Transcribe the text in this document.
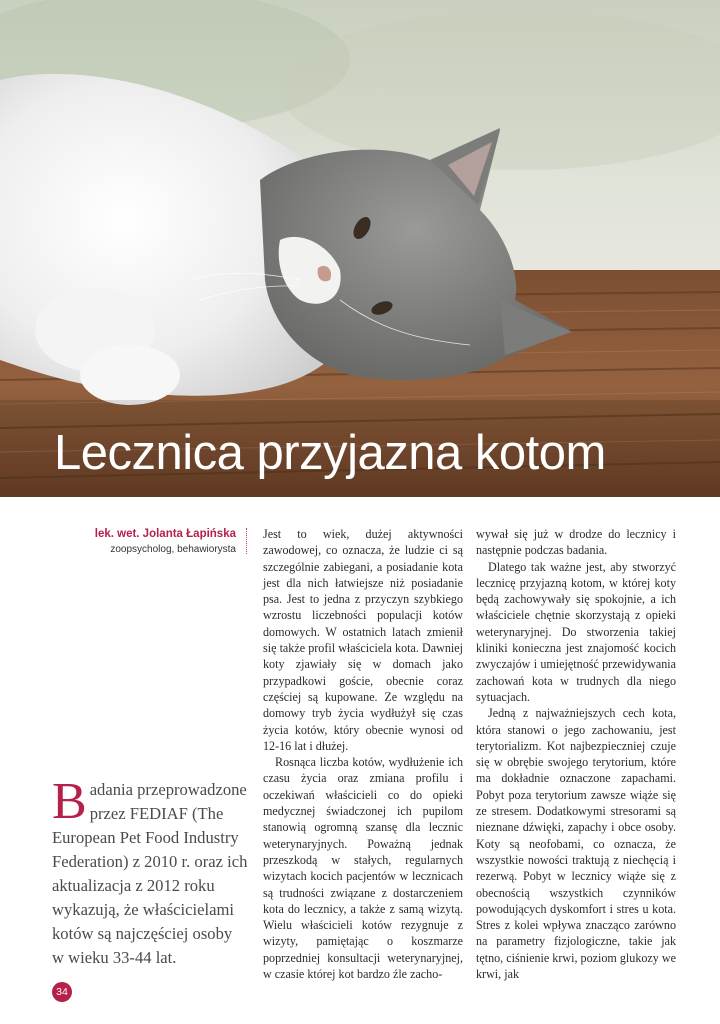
Lecznica przyjazna kotom
lek. wet. Jolanta Łapińska
zoopsycholog, behawiorysta

Badania przeprowadzone przez FEDIAF (The European Pet Food Industry Federation) z 2010 r. oraz ich aktualizacja z 2012 roku wykazują, że właścicielami kotów są najczęściej osoby w wieku 33-44 lat.

Jest to wiek, dużej aktywności zawodowej, co oznacza, że ludzie ci są szczególnie zabiegani, a posiadanie kota jest dla nich łatwiejsze niż posiadanie psa. Jest to jedna z przyczyn szybkiego wzrostu liczebności populacji kotów domowych. W ostatnich latach zmienił się także profil właściciela kota. Dawniej koty zjawiały się w domach jako przypadkowi goście, obecnie coraz częściej są kupowane. Ze względu na domowy tryb życia wydłużył się czas życia kotów, który obecnie wynosi od 12-16 lat i dłużej.

Rosnąca liczba kotów, wydłużenie ich czasu życia oraz zmiana profilu i oczekiwań właścicieli co do opieki medycznej świadczonej ich pupilom stanowią ogromną szansę dla lecznic weterynaryjnych. Poważną jednak przeszkodą w stałych, regularnych wizytach kocich pacjentów w lecznicach są trudności związane z dostarczeniem kota do lecznicy, a także z samą wizytą. Wielu właścicieli kotów rezygnuje z wizyty, pamiętając o koszmarze poprzedniej konsultacji weterynaryjnej, w czasie której kot bardzo źle zacho-

wywał się już w drodze do lecznicy i następnie podczas badania.

Dlatego tak ważne jest, aby stworzyć lecznicę przyjazną kotom, w której koty będą zachowywały się spokojnie, a ich właściciele chętnie skorzystają z opieki weterynaryjnej. Do stworzenia takiej kliniki konieczna jest znajomość kocich zwyczajów i umiejętność przewidywania zachowań kota w trudnych dla niego sytuacjach.

Jedną z najważniejszych cech kota, która stanowi o jego zachowaniu, jest terytorializm. Kot najbezpieczniej czuje się w obrębie swojego terytorium, które ma dokładnie oznaczone zapachami. Pobyt poza terytorium zawsze wiąże się ze stresem. Dodatkowymi stresorami są nieznane dźwięki, zapachy i obce osoby. Koty są neofobami, co oznacza, że wszystkie nowości traktują z niechęcią i rezerwą. Pobyt w lecznicy wiąże się z obecnością wszystkich czynników powodujących dyskomfort i stres u kota. Stres z kolei wpływa znacząco zarówno na parametry fizjologiczne, takie jak tętno, ciśnienie krwi, poziom glukozy we krwi, jak

34
